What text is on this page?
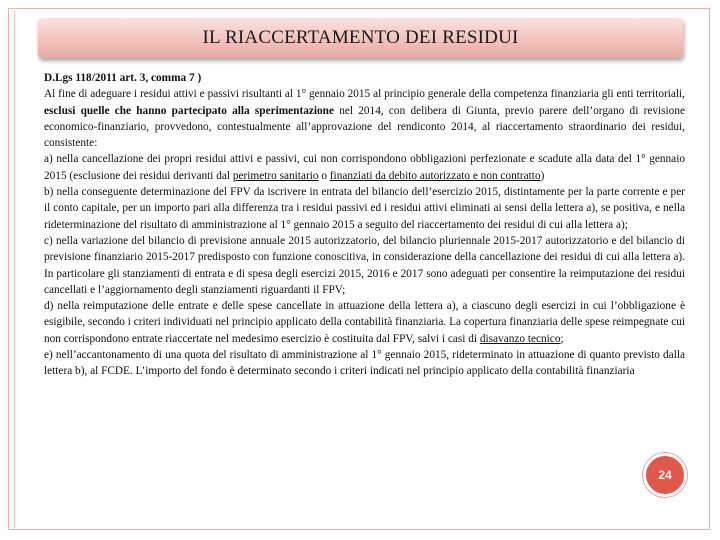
IL RIACCERTAMENTO DEI RESIDUI

D.Lgs 118/2011 art. 3, comma 7 )

Al fine di adeguare i residui attivi e passivi risultanti al 1° gennaio 2015 al principio generale della competenza finanziaria gli enti territoriali, esclusi quelle che hanno partecipato alla sperimentazione nel 2014, con delibera di Giunta, previo parere dell’organo di revisione economico-finanziario, provvedono, contestualmente all’approvazione del rendiconto 2014, al riaccertamento straordinario dei residui, consistente:

a) nella cancellazione dei propri residui attivi e passivi, cui non corrispondono obbligazioni perfezionate e scadute alla data del 1° gennaio 2015 (esclusione dei residui derivanti dal perimetro sanitario o finanziati da debito autorizzato e non contratto)

b) nella conseguente determinazione del FPV da iscrivere in entrata del bilancio dell’esercizio 2015, distintamente per la parte corrente e per il conto capitale, per un importo pari alla differenza tra i residui passivi ed i residui attivi eliminati ai sensi della lettera a), se positiva, e nella rideterminazione del risultato di amministrazione al 1° gennaio 2015 a seguito del riaccertamento dei residui di cui alla lettera a);

c) nella variazione del bilancio di previsione annuale 2015 autorizzatorio, del bilancio pluriennale 2015-2017 autorizzatorio e del bilancio di previsione finanziario 2015-2017 predisposto con funzione conoscitiva, in considerazione della cancellazione dei residui di cui alla lettera a). In particolare gli stanziamenti di entrata e di spesa degli esercizi 2015, 2016 e 2017 sono adeguati per consentire la reimputazione dei residui cancellati e l’aggiornamento degli stanziamenti riguardanti il FPV;

d) nella reimputazione delle entrate e delle spese cancellate in attuazione della lettera a), a ciascuno degli esercizi in cui l’obbligazione è esigibile, secondo i criteri individuati nel principio applicato della contabilità finanziaria. La copertura finanziaria delle spese reimpegnate cui non corrispondono entrate riaccertate nel medesimo esercizio è costituita dal FPV, salvi i casi di disavanzo tecnico;

e) nell’accantonamento di una quota del risultato di amministrazione al 1° gennaio 2015, rideterminato in attuazione di quanto previsto dalla lettera b), al FCDE. L’importo del fondo è determinato secondo i criteri indicati nel principio applicato della contabilità finanziaria

24
